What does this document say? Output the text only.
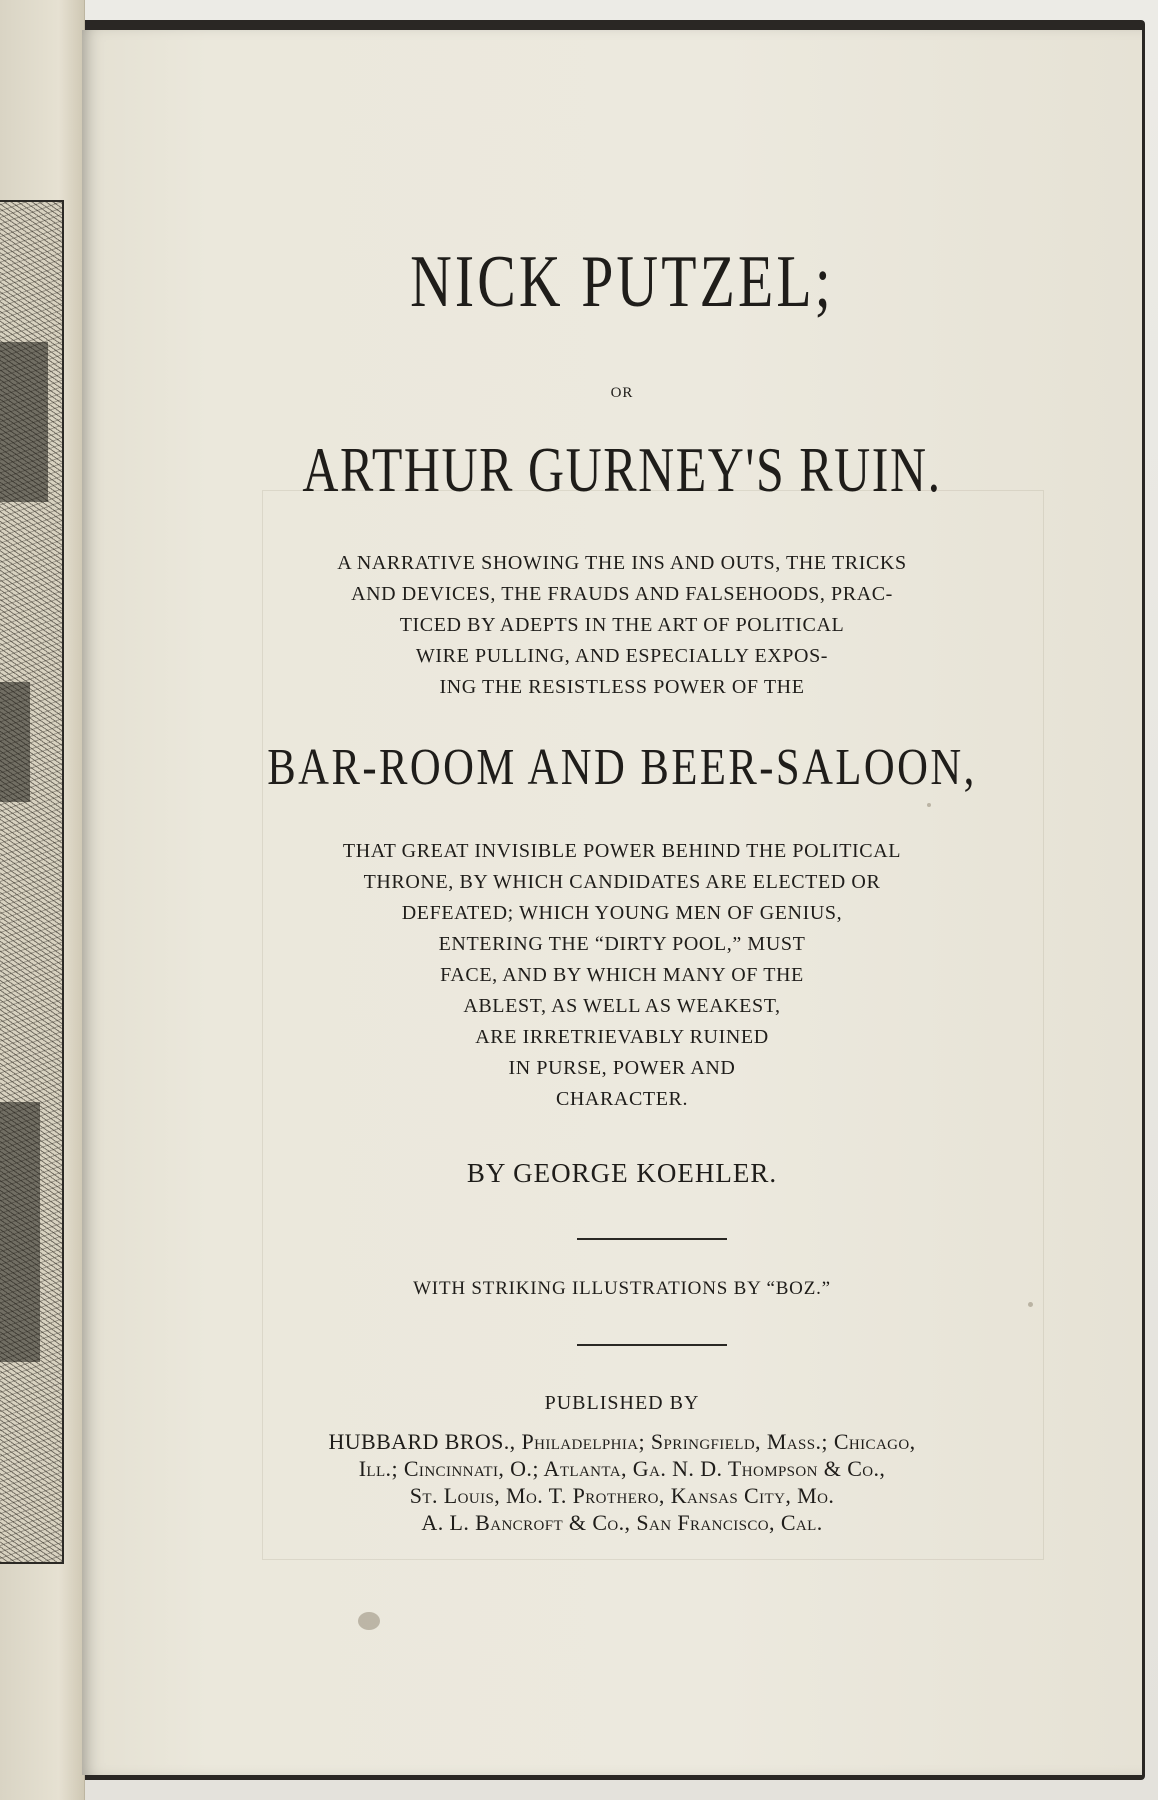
NICK PUTZEL;

OR

ARTHUR GURNEY'S RUIN.
A NARRATIVE SHOWING THE INS AND OUTS, THE TRICKS
AND DEVICES, THE FRAUDS AND FALSEHOODS, PRAC-
TICED BY ADEPTS IN THE ART OF POLITICAL
WIRE PULLING, AND ESPECIALLY EXPOS-
ING THE RESISTLESS POWER OF THE
BAR-ROOM AND BEER-SALOON,
THAT GREAT INVISIBLE POWER BEHIND THE POLITICAL
THRONE, BY WHICH CANDIDATES ARE ELECTED OR
DEFEATED; WHICH YOUNG MEN OF GENIUS,
ENTERING THE “DIRTY POOL,” MUST
FACE, AND BY WHICH MANY OF THE
ABLEST, AS WELL AS WEAKEST,
ARE IRRETRIEVABLY RUINED
IN PURSE, POWER AND
CHARACTER.
BY GEORGE KOEHLER.
WITH STRIKING ILLUSTRATIONS BY “BOZ.”
PUBLISHED BY
HUBBARD BROS., Philadelphia; Springfield, Mass.; Chicago,
Ill.; Cincinnati, O.; Atlanta, Ga. N. D. Thompson & Co.,
St. Louis, Mo. T. Prothero, Kansas City, Mo.
A. L. Bancroft & Co., San Francisco, Cal.
